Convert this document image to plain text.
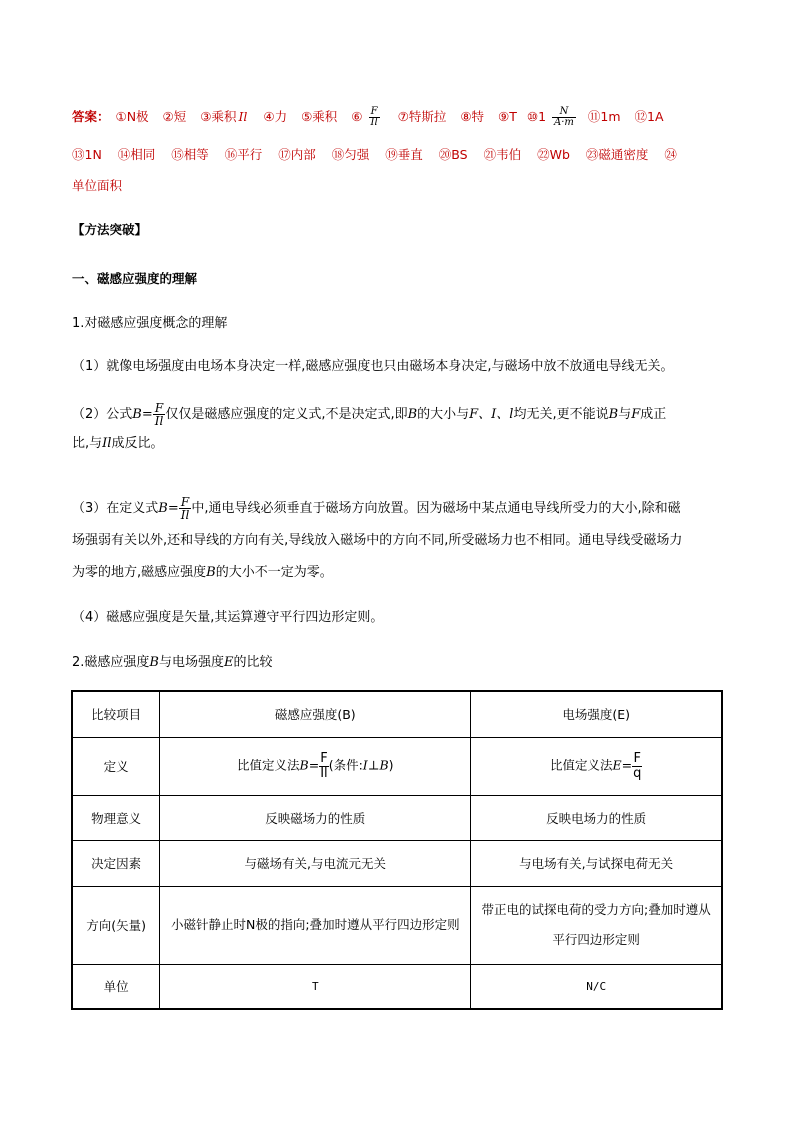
答案： ①N极 ②短 ③乘积 Il ④力 ⑤乘积 ⑥ $\frac{F}{Il}$ ⑦特斯拉 ⑧特 ⑨T ⑩1 $\frac{N}{A\cdot m}$ ⑪1m ⑫1A
⑬1N ⑭相同 ⑮相等 ⑯平行 ⑰内部 ⑱匀强 ⑲垂直 ⑳BS ㉑韦伯 ㉒Wb ㉓磁通密度 ㉔
单位面积
【方法突破】
一、磁感应强度的理解
1.对磁感应强度概念的理解
（1）就像电场强度由电场本身决定一样,磁感应强度也只由磁场本身决定,与磁场中放不放通电导线无关。
（2）公式$B= \frac{F}{Il}$ 仅仅是磁感应强度的定义式,不是决定式,即B的大小与F、I、l均无关,更不能说B与F成正
比,与Il成反比。
（3）在定义式$B= \frac{F}{Il}$ 中,通电导线必须垂直于磁场方向放置。因为磁场中某点通电导线所受力的大小,除和磁
场强弱有关以外,还和导线的方向有关,导线放入磁场中的方向不同,所受磁场力也不相同。通电导线受磁场力
为零的地方,磁感应强度B的大小不一定为零。
（4）磁感应强度是矢量,其运算遵守平行四边形定则。
2.磁感应强度B与电场强度E的比较
比较项目	磁感应强度(B)	电场强度(E)
定义	比值定义法$B= \frac{F}{Il}$ (条件:I⊥B)	比值定义法$E= \frac{F}{q}$

物理意义	反映磁场力的性质	反映电场力的性质
决定因素	与磁场有关,与电流元无关	与电场有关,与试探电荷无关
方向(矢量)	小磁针静止时N极的指向;叠加时遵从平行四边形定则	带正电的试探电荷的受力方向;叠加时遵从平行四边形定则
单位	T	N/C
